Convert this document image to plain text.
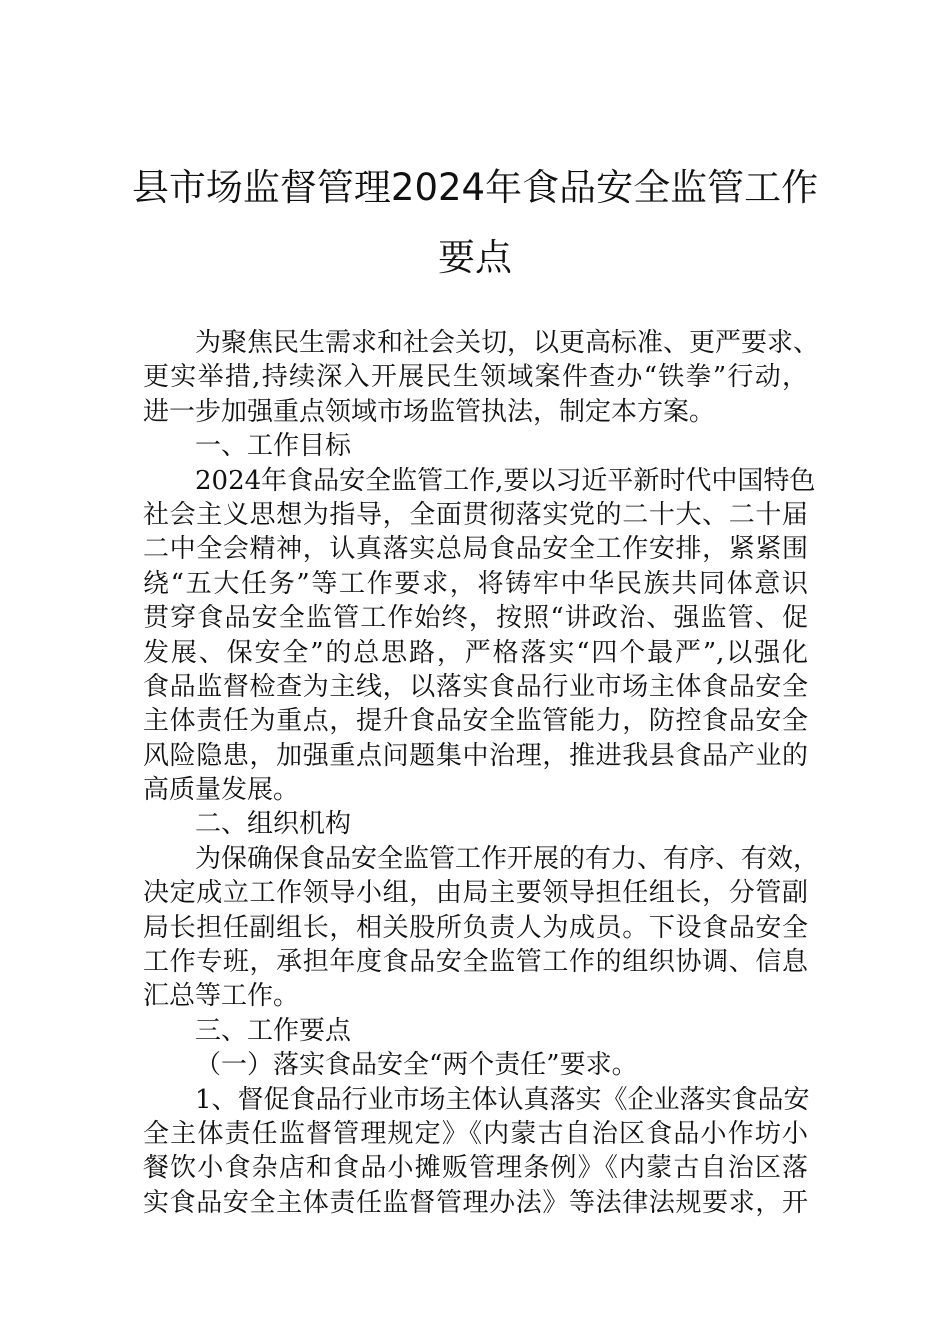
县市场监督管理2024年食品安全监管工作
要点
为聚焦民生需求和社会关切，以更高标准、更严要求、
更实举措,持续深入开展民生领域案件查办“铁拳”行动，
进一步加强重点领域市场监管执法，制定本方案。
一、工作目标
2024年食品安全监管工作,要以习近平新时代中国特色
社会主义思想为指导，全面贯彻落实党的二十大、二十届
二中全会精神，认真落实总局食品安全工作安排，紧紧围
绕“五大任务”等工作要求，将铸牢中华民族共同体意识
贯穿食品安全监管工作始终，按照“讲政治、强监管、促
发展、保安全”的总思路，严格落实“四个最严”,以强化
食品监督检查为主线，以落实食品行业市场主体食品安全
主体责任为重点，提升食品安全监管能力，防控食品安全
风险隐患，加强重点问题集中治理，推进我县食品产业的
高质量发展。
二、组织机构
为保确保食品安全监管工作开展的有力、有序、有效，
决定成立工作领导小组，由局主要领导担任组长，分管副
局长担任副组长，相关股所负责人为成员。下设食品安全
工作专班，承担年度食品安全监管工作的组织协调、信息
汇总等工作。
三、工作要点
（一）落实食品安全“两个责任”要求。
1、督促食品行业市场主体认真落实《企业落实食品安
全主体责任监督管理规定》《内蒙古自治区食品小作坊小
餐饮小食杂店和食品小摊贩管理条例》《内蒙古自治区落
实食品安全主体责任监督管理办法》等法律法规要求，开
